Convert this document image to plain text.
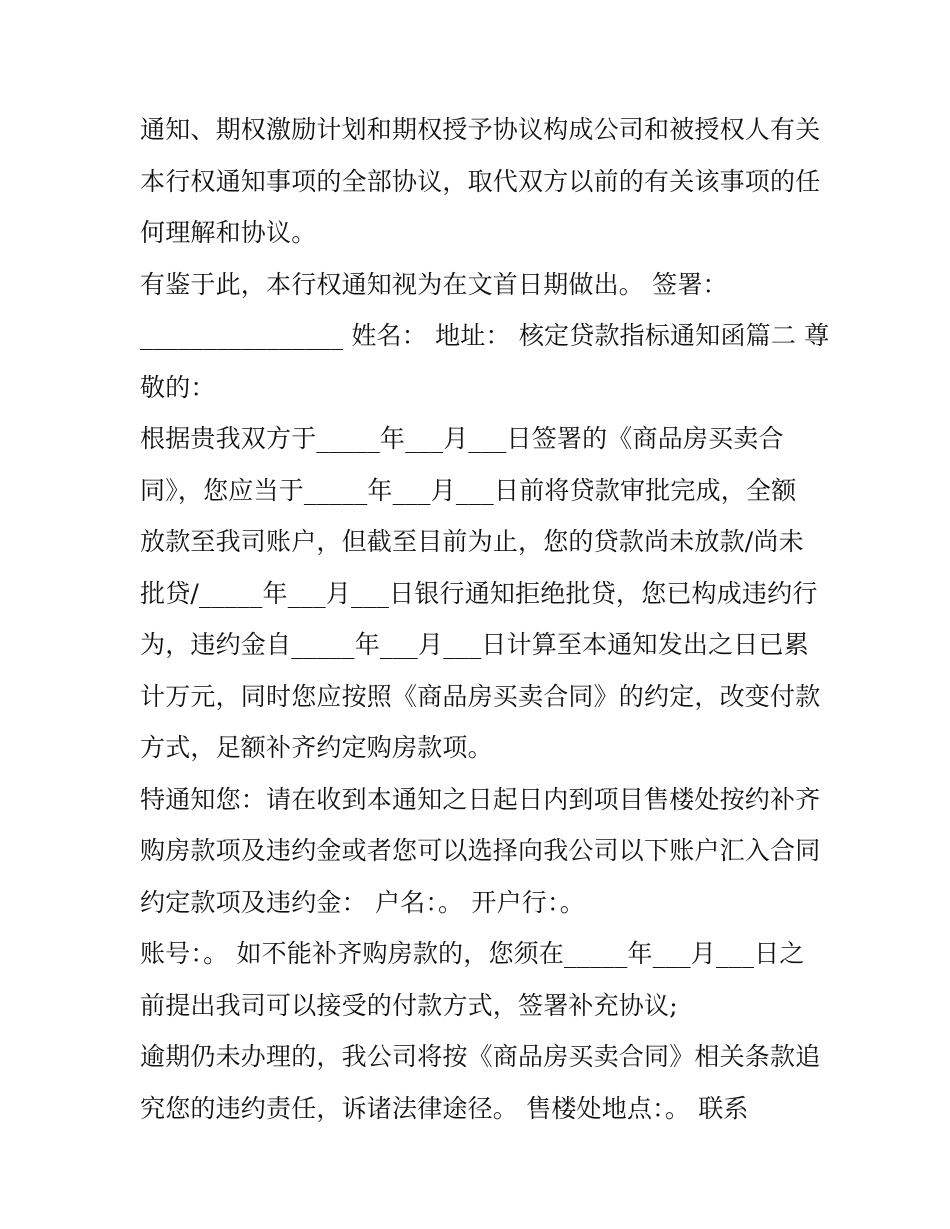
通知、期权激励计划和期权授予协议构成公司和被授权人有关
本行权通知事项的全部协议，取代双方以前的有关该事项的任
何理解和协议。
有鉴于此，本行权通知视为在文首日期做出。 签署：
________________ 姓名： 地址： 核定贷款指标通知函篇二 尊
敬的：
根据贵我双方于_____年___月___日签署的《商品房买卖合
同》，您应当于_____年___月___日前将贷款审批完成，全额
放款至我司账户，但截至目前为止，您的贷款尚未放款/尚未
批贷/_____年___月___日银行通知拒绝批贷，您已构成违约行
为，违约金自_____年___月___日计算至本通知发出之日已累
计万元，同时您应按照《商品房买卖合同》的约定，改变付款
方式，足额补齐约定购房款项。
特通知您：请在收到本通知之日起日内到项目售楼处按约补齐
购房款项及违约金或者您可以选择向我公司以下账户汇入合同
约定款项及违约金： 户名：。 开户行：。
账号：。 如不能补齐购房款的，您须在_____年___月___日之
前提出我司可以接受的付款方式，签署补充协议;
逾期仍未办理的，我公司将按《商品房买卖合同》相关条款追
究您的违约责任，诉诸法律途径。 售楼处地点：。 联系
